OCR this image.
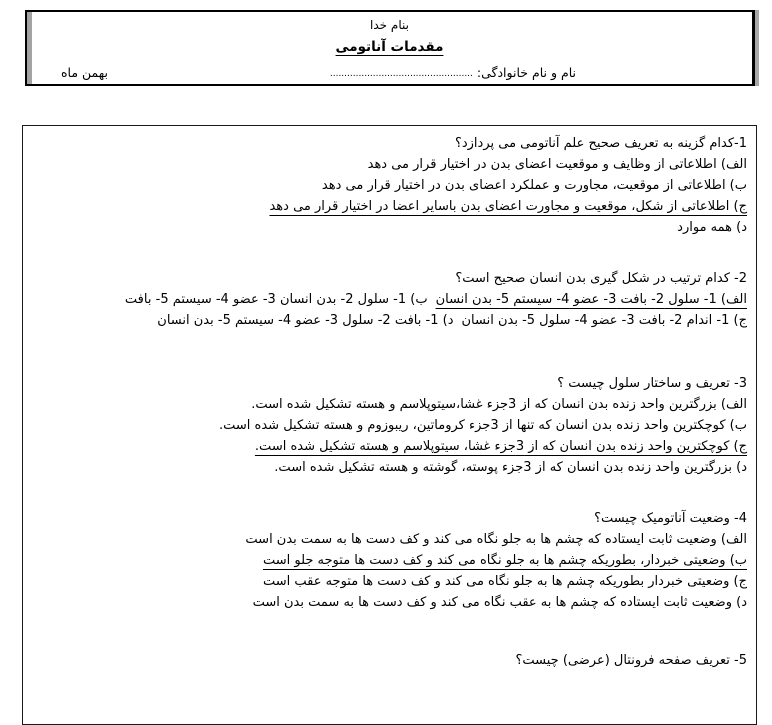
بنام خدا
مقدمات آناتومی
نام و نام خانوادگی: ..................................................
بهمن ماه

1-کدام گزینه به تعریف صحیح علم آناتومی می پردازد؟

الف) اطلاعاتی از وظایف و موقعیت اعضای بدن در اختیار قرار می دهد

ب) اطلاعاتی از موقعیت، مجاورت و عملکرد اعضای بدن در اختیار قرار می دهد

ج) اطلاعاتی از شکل، موقعیت و مجاورت اعضای بدن باسایر اعضا در اختیار قرار می دهد

د) همه موارد

2- کدام ترتیب در شکل گیری بدن انسان صحیح است؟

الف) 1- سلول 2- بافت 3- عضو 4- سیستم 5- بدن انسان
ب) 1- سلول 2- بدن انسان 3- عضو 4- سیستم 5- بافت
ج) 1- اندام 2- بافت 3- عضو 4- سلول 5- بدن انسان
د) 1- بافت 2- سلول 3- عضو 4- سیستم 5- بدن انسان

3- تعریف و ساختار سلول چیست ؟

الف) بزرگترین واحد زنده بدن انسان که از 3جزء غشا،سیتوپلاسم و هسته تشکیل شده است.

ب) کوچکترین واحد زنده بدن انسان که تنها از 3جزء کروماتین، ریبوزوم و هسته تشکیل شده است.

ج) کوچکترین واحد زنده بدن انسان که از 3جزء غشا، سیتوپلاسم و هسته تشکیل شده است.

د) بزرگترین واحد زنده بدن انسان که از 3جزء پوسته، گوشته و هسته تشکیل شده است.

4- وضعیت آناتومیک چیست؟

الف) وضعیت ثابت ایستاده که چشم ها به جلو نگاه می کند و کف دست ها به سمت بدن است

ب) وضعیتی خبردار، بطوریکه چشم ها به جلو نگاه می کند و کف دست ها متوجه جلو است

ج) وضعیتی خبردار بطوریکه چشم ها به جلو نگاه می کند و کف دست ها متوجه عقب است

د) وضعیت ثابت ایستاده که چشم ها به عقب نگاه می کند و کف دست ها به سمت بدن است

5- تعریف صفحه فرونتال (عرضی) چیست؟
